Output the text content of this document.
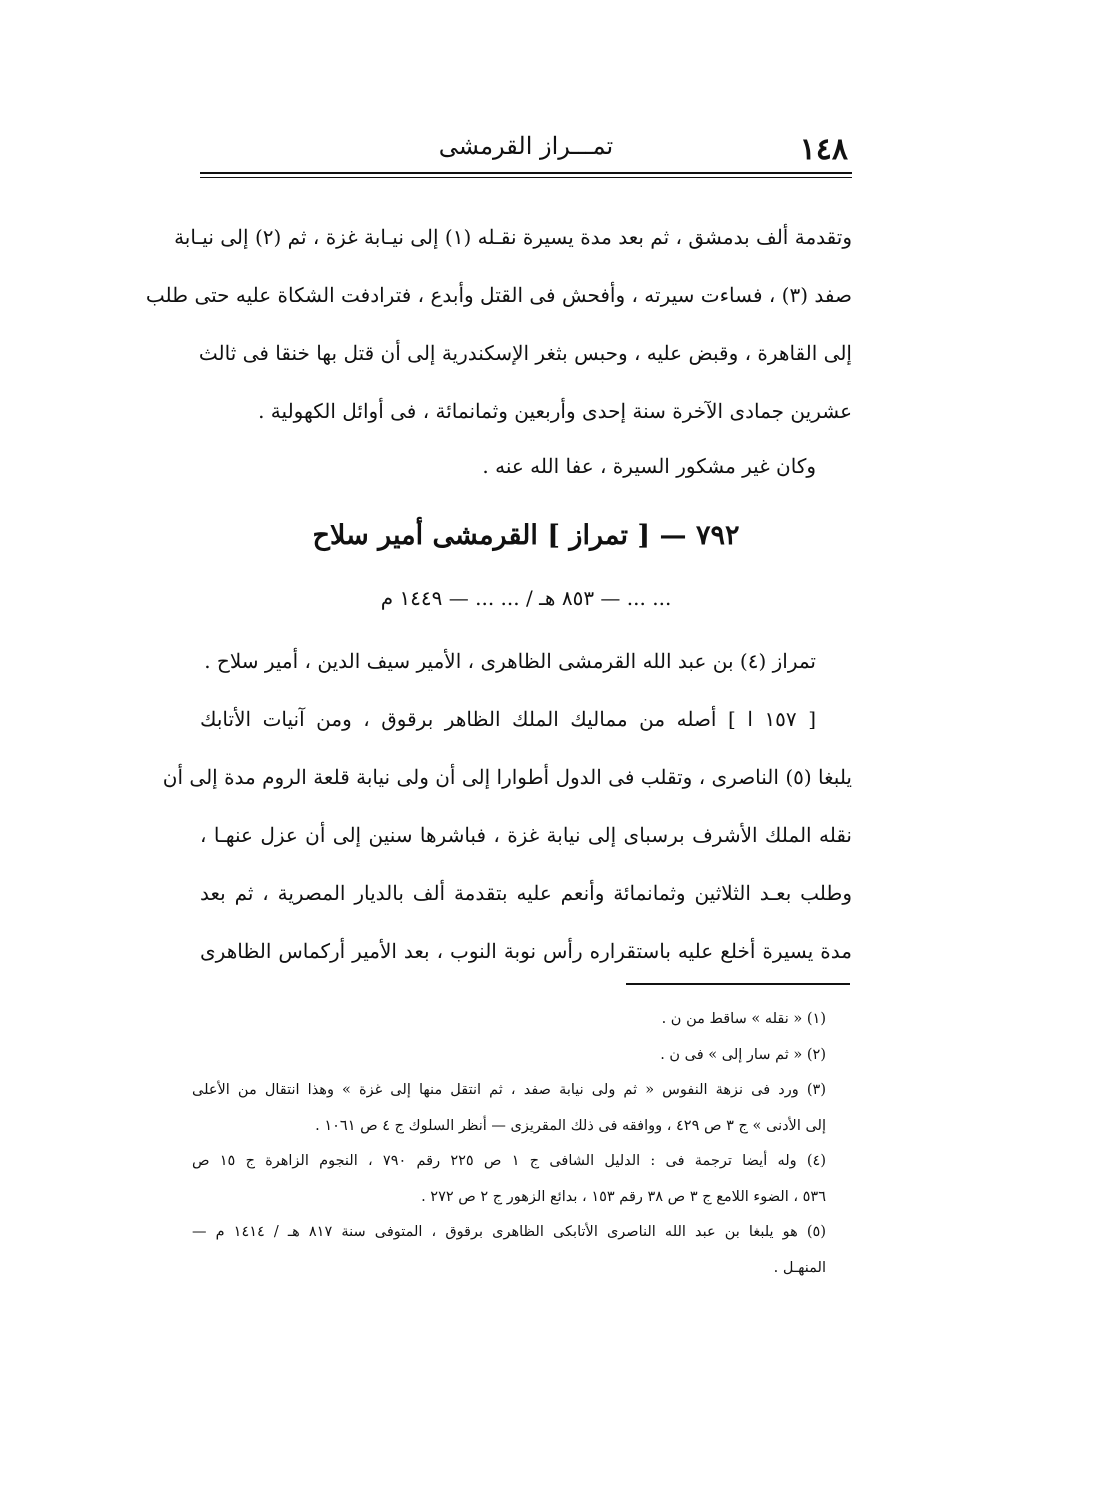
١٤٨
تمـــراز القرمشى
وتقدمة ألف بدمشق ، ثم بعد مدة يسيرة نقـله (١) إلى نيـابة غزة ، ثم (٢) إلى نيـابة
صفد (٣) ، فساءت سيرته ، وأفحش فى القتل وأبدع ، فترادفت الشكاة عليه حتى طلب
إلى القاهرة ، وقبض عليه ، وحبس بثغر الإسكندرية إلى أن قتل بها خنقا فى ثالث
عشرين جمادى الآخرة سنة إحدى وأربعين وثمانمائة ، فى أوائل الكهولية .
وكان غير مشكور السيرة ، عفا الله عنه .
٧٩٢ — [ تمراز ] القرمشى أمير سلاح
... ... — ٨٥٣ هـ / ... ... — ١٤٤٩ م
تمراز (٤) بن عبد الله القرمشى الظاهرى ، الأمير سيف الدين ، أمير سلاح .
[ ١٥٧ ا ] أصله من مماليك الملك الظاهر برقوق ، ومن آنيات الأتابك
يلبغا (٥) الناصرى ، وتقلب فى الدول أطوارا إلى أن ولى نيابة قلعة الروم مدة إلى أن
نقله الملك الأشرف برسباى إلى نيابة غزة ، فباشرها سنين إلى أن عزل عنهـا ،
وطلب بعـد الثلاثين وثمانمائة وأنعم عليه بتقدمة ألف بالديار المصرية ، ثم بعد
مدة يسيرة أخلع عليه باستقراره رأس نوبة النوب ، بعد الأمير أركماس الظاهرى
(١) « نقله » ساقط من ن .
(٢) « ثم سار إلى » فى ن .
(٣) ورد فى نزهة النفوس « ثم ولى نيابة صفد ، ثم انتقل منها إلى غزة » وهذا انتقال من الأعلى
إلى الأدنى » ج ٣ ص ٤٢٩ ، ووافقه فى ذلك المقريزى — أنظر السلوك ج ٤ ص ١٠٦١ .
(٤) وله أيضا ترجمة فى : الدليل الشافى ج ١ ص ٢٢٥ رقم ٧٩٠ ، النجوم الزاهرة ج ١٥ ص
٥٣٦ ، الضوء اللامع ج ٣ ص ٣٨ رقم ١٥٣ ، بدائع الزهور ج ٢ ص ٢٧٢ .
(٥) هو يلبغا بن عبد الله الناصرى الأتابكى الظاهرى برقوق ، المتوفى سنة ٨١٧ هـ / ١٤١٤ م —
المنهـل .
